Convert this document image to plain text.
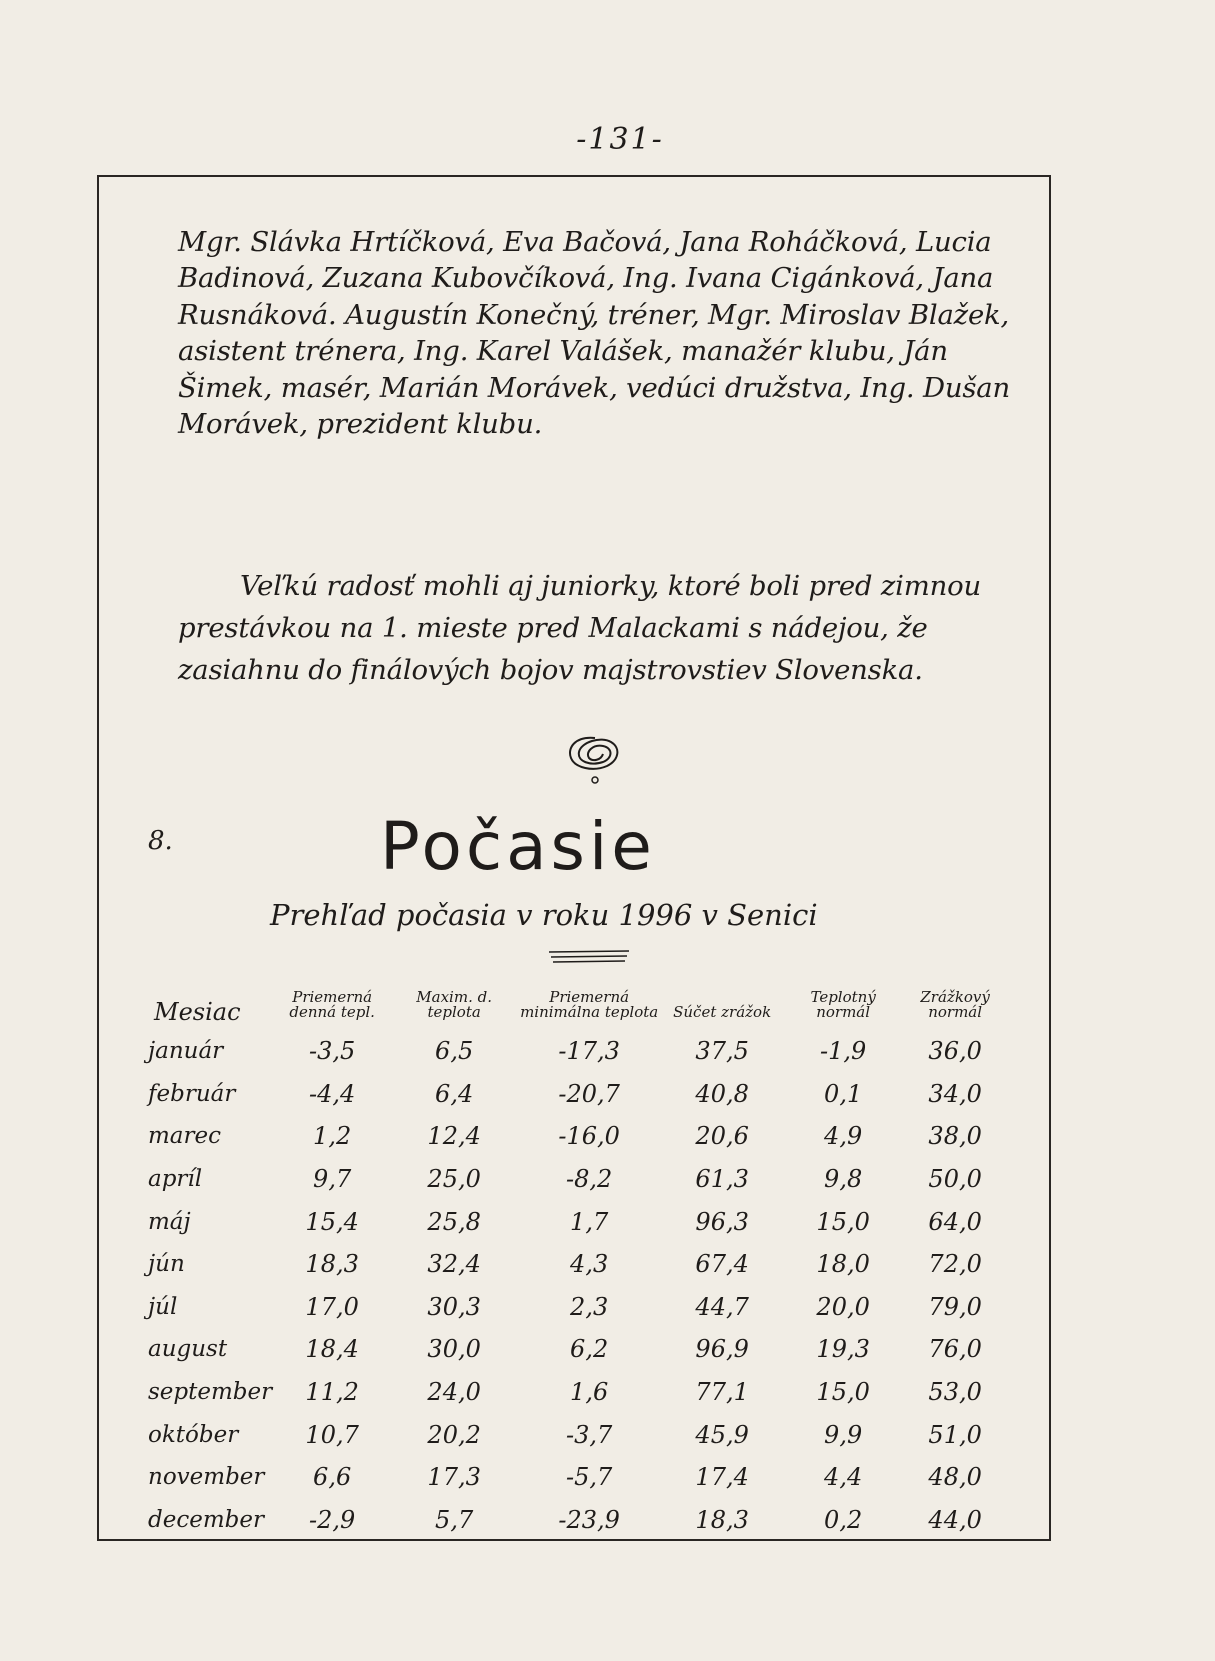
-131-
Mgr. Slávka Hrtíčková, Eva Bačová, Jana Roháčková, Lucia Badinová, Zuzana Kubovčíková, Ing. Ivana Cigánková, Jana Rusnáková. Augustín Konečný, tréner, Mgr. Miroslav Blažek, asistent trénera, Ing. Karel Valášek, manažér klubu, Ján Šimek, masér, Marián Morávek, vedúci družstva, Ing. Dušan Morávek, prezident klubu.
Veľkú radosť mohli aj juniorky, ktoré boli pred zimnou prestávkou na 1. mieste pred Malackami s nádejou, že zasiahnu do finálových bojov majstrovstiev Slovenska.
8.	Počasie
Prehľad počasia v roku 1996 v Senici
Mesiac	Priemerná denná tepl.	Maxim. d. teplota	Priemerná minimálna teplota	Súčet zrážok	Teplotný normál	Zrážkový normál
január	-3,5	6,5	-17,3	37,5	-1,9	36,0
február	-4,4	6,4	-20,7	40,8	0,1	34,0
marec	1,2	12,4	-16,0	20,6	4,9	38,0
apríl	9,7	25,0	-8,2	61,3	9,8	50,0
máj	15,4	25,8	1,7	96,3	15,0	64,0
jún	18,3	32,4	4,3	67,4	18,0	72,0
júl	17,0	30,3	2,3	44,7	20,0	79,0
august	18,4	30,0	6,2	96,9	19,3	76,0
september	11,2	24,0	1,6	77,1	15,0	53,0
október	10,7	20,2	-3,7	45,9	9,9	51,0
november	6,6	17,3	-5,7	17,4	4,4	48,0
december	-2,9	5,7	-23,9	18,3	0,2	44,0
